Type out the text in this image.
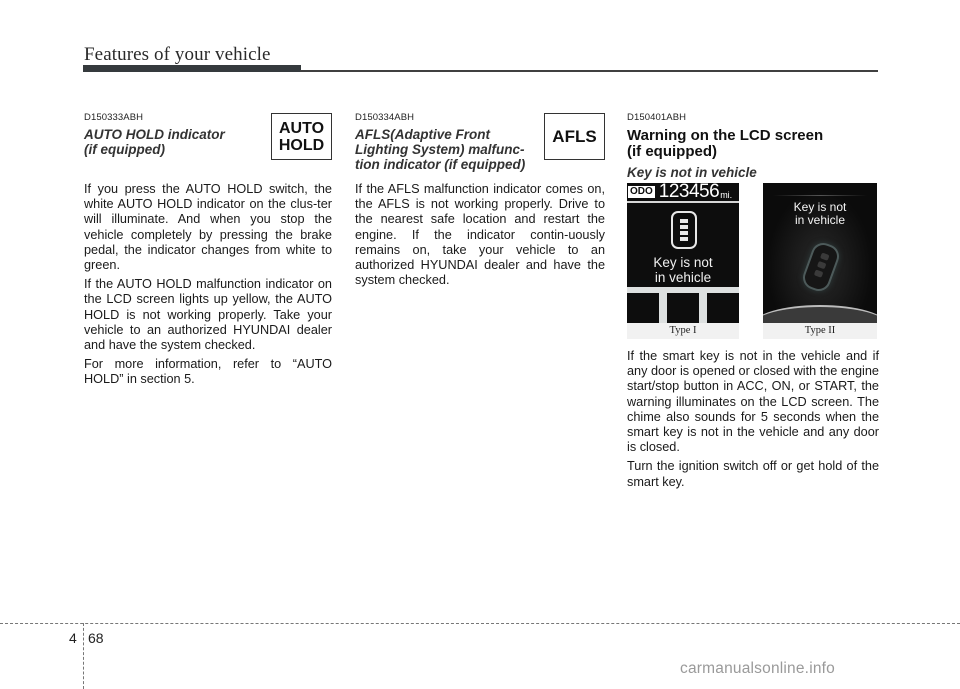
Features of your vehicle
D150333ABH
AUTO HOLD indicator
(if equipped)

If you press the AUTO HOLD switch, the white AUTO HOLD indicator on the clus-ter will illuminate. And when you stop the vehicle completely by pressing the brake pedal, the indicator changes from white to green.

If the AUTO HOLD malfunction indicator on the LCD screen lights up yellow, the AUTO HOLD is not working properly. Take your vehicle to an authorized HYUNDAI dealer and have the system checked.

For more information, refer to “AUTO HOLD” in section 5.

AUTO
HOLD
D150334ABH
AFLS(Adaptive Front
Lighting System) malfunc-
tion indicator (if equipped)

If the AFLS malfunction indicator comes on, the AFLS is not working properly. Drive to the nearest safe location and restart the engine. If the indicator contin-uously remains on, take your vehicle to an authorized HYUNDAI dealer and have the system checked.

AFLS
D150401ABH
Warning on the LCD screen
(if equipped)
Key is not in vehicle

If the smart key is not in the vehicle and if any door is opened or closed with the engine start/stop button in ACC, ON, or START, the warning illuminates on the LCD screen. The chime also sounds for 5 seconds when the smart key is not in the vehicle and any door is closed.

Turn the ignition switch off or get hold of the smart key.

ODO 123456 mi.
Key is not
in vehicle
Type I
Key is not
in vehicle
Type II
4 68
carmanualsonline.info
